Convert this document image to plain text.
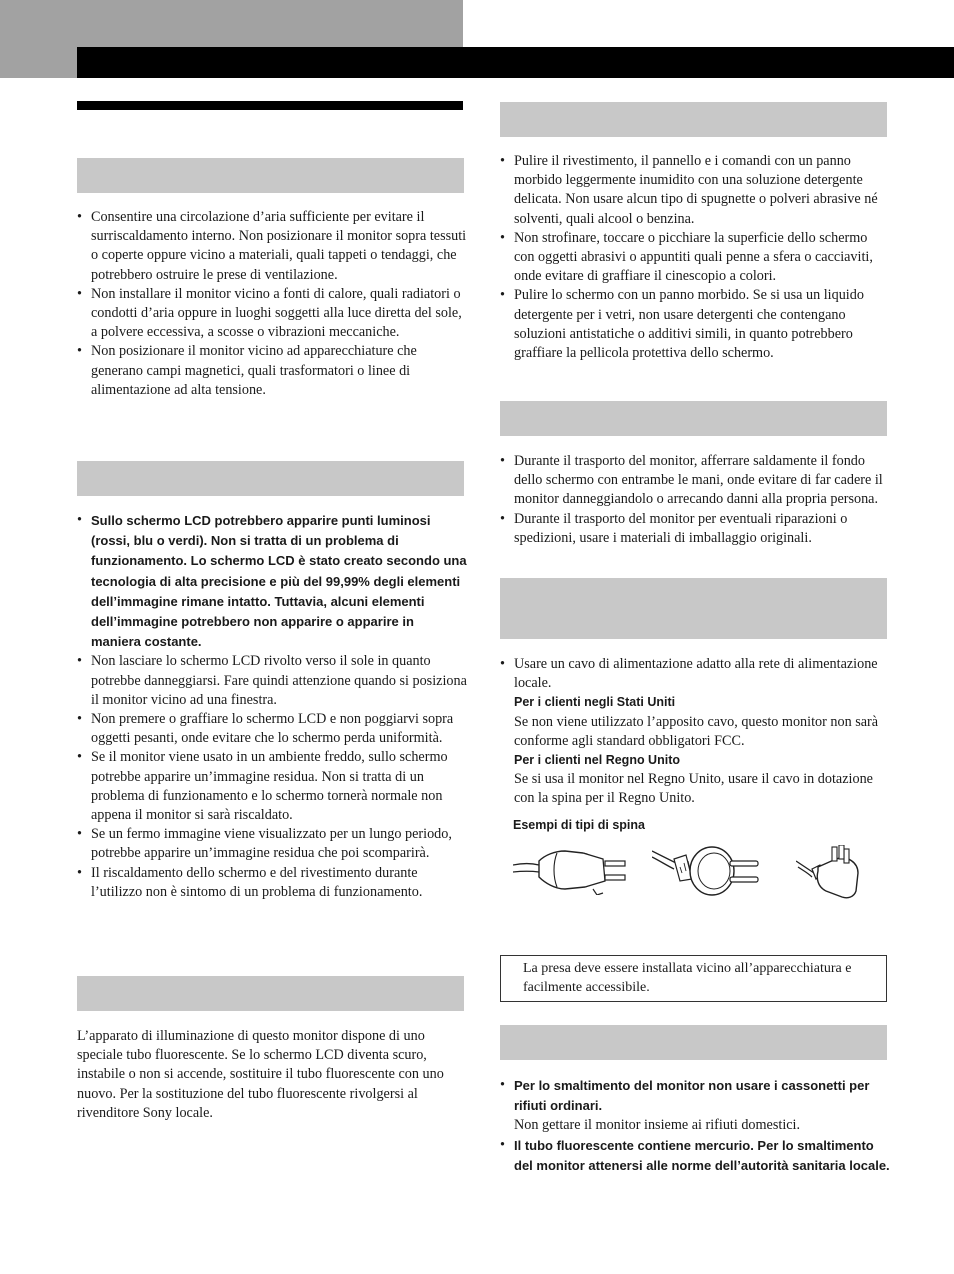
• Consentire una circolazione d’aria sufficiente per evitare il surriscaldamento interno. Non posizionare il monitor sopra tessuti o coperte oppure vicino a materiali, quali tappeti o tendaggi, che potrebbero ostruire le prese di ventilazione.
• Non installare il monitor vicino a fonti di calore, quali radiatori o condotti d’aria oppure in luoghi soggetti alla luce diretta del sole, a polvere eccessiva, a scosse o vibrazioni meccaniche.
• Non posizionare il monitor vicino ad apparecchiature che generano campi magnetici, quali trasformatori o linee di alimentazione ad alta tensione.
• Sullo schermo LCD potrebbero apparire punti luminosi (rossi, blu o verdi). Non si tratta di un problema di funzionamento. Lo schermo LCD è stato creato secondo una tecnologia di alta precisione e più del 99,99% degli elementi dell’immagine rimane intatto. Tuttavia, alcuni elementi dell’immagine potrebbero non apparire o apparire in maniera costante.
• Non lasciare lo schermo LCD rivolto verso il sole in quanto potrebbe danneggiarsi. Fare quindi attenzione quando si posiziona il monitor vicino ad una finestra.
• Non premere o graffiare lo schermo LCD e non poggiarvi sopra oggetti pesanti, onde evitare che lo schermo perda uniformità.
• Se il monitor viene usato in un ambiente freddo, sullo schermo potrebbe apparire un’immagine residua. Non si tratta di un problema di funzionamento e lo schermo tornerà normale non appena il monitor si sarà riscaldato.
• Se un fermo immagine viene visualizzato per un lungo periodo, potrebbe apparire un’immagine residua che poi scomparirà.
• Il riscaldamento dello schermo e del rivestimento durante l’utilizzo non è sintomo di un problema di funzionamento.

L’apparato di illuminazione di questo monitor dispone di uno speciale tubo fluorescente. Se lo schermo LCD diventa scuro, instabile o non si accende, sostituire il tubo fluorescente con uno nuovo. Per la sostituzione del tubo fluorescente rivolgersi al rivenditore Sony locale.

• Pulire il rivestimento, il pannello e i comandi con un panno morbido leggermente inumidito con una soluzione detergente delicata. Non usare alcun tipo di spugnette o polveri abrasive né solventi, quali alcool o benzina.
• Non strofinare, toccare o picchiare la superficie dello schermo con oggetti abrasivi o appuntiti quali penne a sfera o cacciaviti, onde evitare di graffiare il cinescopio a colori.
• Pulire lo schermo con un panno morbido. Se si usa un liquido detergente per i vetri, non usare detergenti che contengano soluzioni antistatiche o additivi simili, in quanto potrebbero graffiare la pellicola protettiva dello schermo.
• Durante il trasporto del monitor, afferrare saldamente il fondo dello schermo con entrambe le mani, onde evitare di far cadere il monitor danneggiandolo o arrecando danni alla propria persona.
• Durante il trasporto del monitor per eventuali riparazioni o spedizioni, usare i materiali di imballaggio originali.
• Usare un cavo di alimentazione adatto alla rete di alimentazione locale.
Per i clienti negli Stati Uniti
Se non viene utilizzato l’apposito cavo, questo monitor non sarà conforme agli standard obbligatori FCC.
Per i clienti nel Regno Unito
Se si usa il monitor nel Regno Unito, usare il cavo in dotazione con la spina per il Regno Unito.
Esempi di tipi di spina
La presa deve essere installata vicino all’apparecchiatura e facilmente accessibile.
• Per lo smaltimento del monitor non usare i cassonetti per rifiuti ordinari.
Non gettare il monitor insieme ai rifiuti domestici.
• Il tubo fluorescente contiene mercurio. Per lo smaltimento del monitor attenersi alle norme dell’autorità sanitaria locale.
